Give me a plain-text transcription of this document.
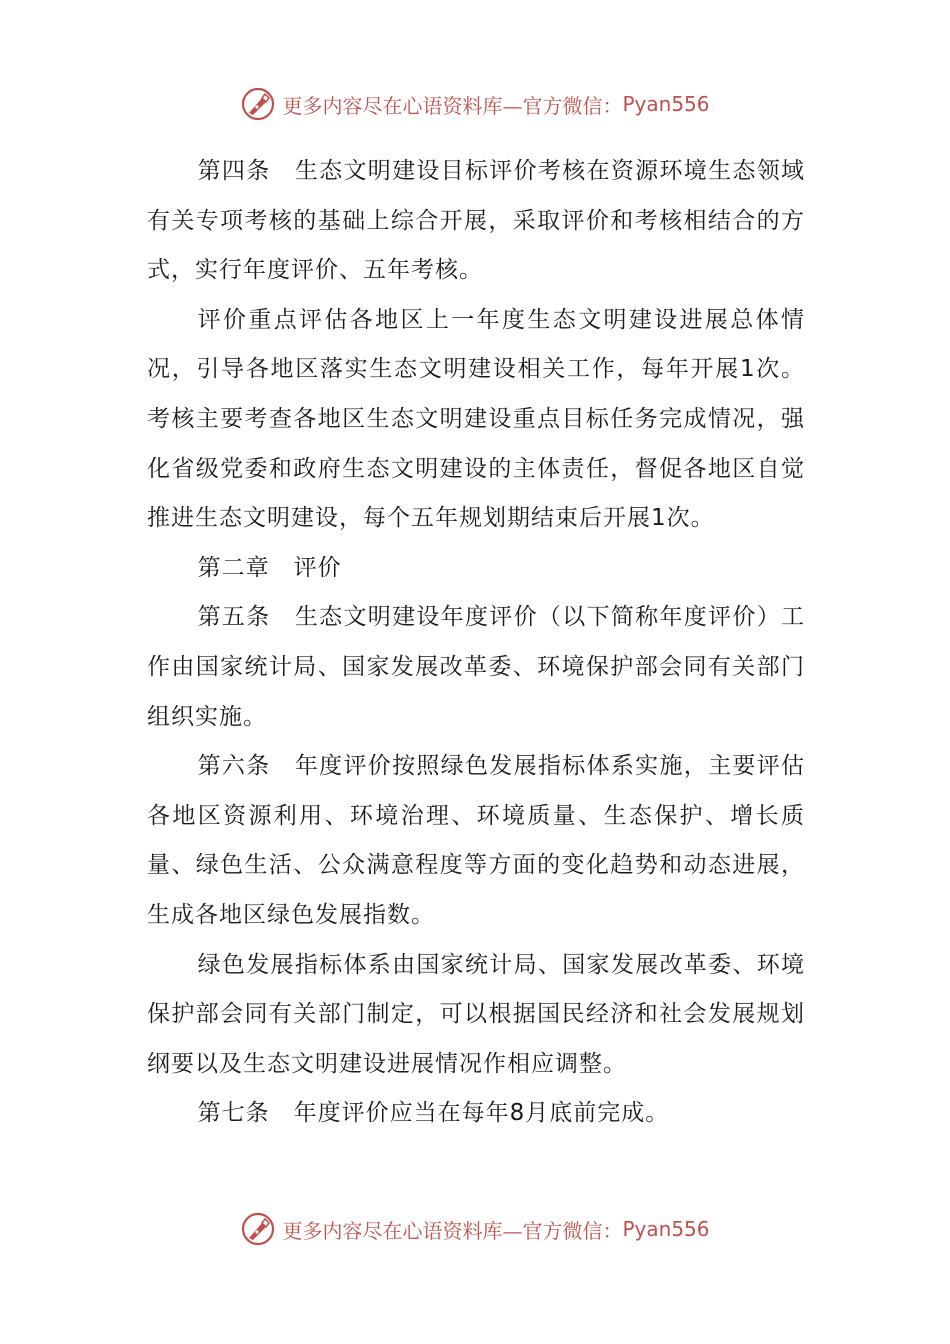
更多内容尽在心语资料库—官方微信： Pyan556

第四条　生态文明建设目标评价考核在资源环境生态领域有关专项考核的基础上综合开展，采取评价和考核相结合的方式，实行年度评价、五年考核。

评价重点评估各地区上一年度生态文明建设进展总体情况，引导各地区落实生态文明建设相关工作，每年开展1次。考核主要考查各地区生态文明建设重点目标任务完成情况，强化省级党委和政府生态文明建设的主体责任，督促各地区自觉推进生态文明建设，每个五年规划期结束后开展1次。

第二章　评价

第五条　生态文明建设年度评价（以下简称年度评价）工作由国家统计局、国家发展改革委、环境保护部会同有关部门组织实施。

第六条　年度评价按照绿色发展指标体系实施，主要评估各地区资源利用、环境治理、环境质量、生态保护、增长质量、绿色生活、公众满意程度等方面的变化趋势和动态进展，生成各地区绿色发展指数。

绿色发展指标体系由国家统计局、国家发展改革委、环境保护部会同有关部门制定，可以根据国民经济和社会发展规划纲要以及生态文明建设进展情况作相应调整。

第七条　年度评价应当在每年8月底前完成。

更多内容尽在心语资料库—官方微信： Pyan556
